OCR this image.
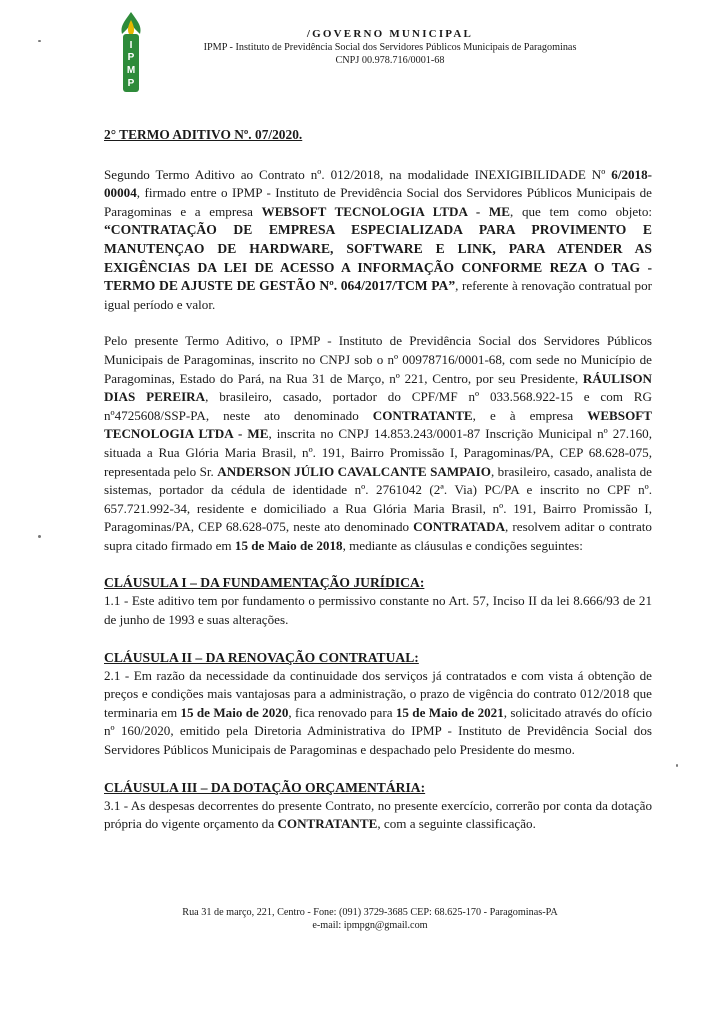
I
P
M
P
/GOVERNO MUNICIPAL
IPMP - Instituto de Previdência Social dos Servidores Públicos Municipais de Paragominas
CNPJ 00.978.716/0001-68
2° TERMO ADITIVO Nº. 07/2020.

Segundo Termo Aditivo ao Contrato nº. 012/2018, na modalidade INEXIGIBILIDADE Nº 6/2018-00004, firmado entre o IPMP - Instituto de Previdência Social dos Servidores Públicos Municipais de Paragominas e a empresa WEBSOFT TECNOLOGIA LTDA - ME, que tem como objeto: “CONTRATAÇÃO DE EMPRESA ESPECIALIZADA PARA PROVIMENTO E MANUTENÇAO DE HARDWARE, SOFTWARE E LINK, PARA ATENDER AS EXIGÊNCIAS DA LEI DE ACESSO A INFORMAÇÃO CONFORME REZA O TAG - TERMO DE AJUSTE DE GESTÃO Nº. 064/2017/TCM PA”, referente à renovação contratual por igual período e valor.

Pelo presente Termo Aditivo, o IPMP - Instituto de Previdência Social dos Servidores Públicos Municipais de Paragominas, inscrito no CNPJ sob o nº 00978716/0001-68, com sede no Município de Paragominas, Estado do Pará, na Rua 31 de Março, nº 221, Centro, por seu Presidente, RÁULISON DIAS PEREIRA, brasileiro, casado, portador do CPF/MF nº 033.568.922-15 e com RG nº4725608/SSP-PA, neste ato denominado CONTRATANTE, e à empresa WEBSOFT TECNOLOGIA LTDA - ME, inscrita no CNPJ 14.853.243/0001-87 Inscrição Municipal nº 27.160, situada a Rua Glória Maria Brasil, nº. 191, Bairro Promissão I, Paragominas/PA, CEP 68.628-075, representada pelo Sr. ANDERSON JÚLIO CAVALCANTE SAMPAIO, brasileiro, casado, analista de sistemas, portador da cédula de identidade nº. 2761042 (2ª. Via) PC/PA e inscrito no CPF nº. 657.721.992-34, residente e domiciliado a Rua Glória Maria Brasil, nº. 191, Bairro Promissão I, Paragominas/PA, CEP 68.628-075, neste ato denominado CONTRATADA, resolvem aditar o contrato supra citado firmado em 15 de Maio de 2018, mediante as cláusulas e condições seguintes:

CLÁUSULA I – DA FUNDAMENTAÇÃO JURÍDICA:

1.1 - Este aditivo tem por fundamento o permissivo constante no Art. 57, Inciso II da lei 8.666/93 de 21 de junho de 1993 e suas alterações.

CLÁUSULA II – DA RENOVAÇÃO CONTRATUAL:

2.1 - Em razão da necessidade da continuidade dos serviços já contratados e com vista á obtenção de preços e condições mais vantajosas para a administração, o prazo de vigência do contrato 012/2018 que terminaria em 15 de Maio de 2020, fica renovado para 15 de Maio de 2021, solicitado através do ofício nº 160/2020, emitido pela Diretoria Administrativa do IPMP - Instituto de Previdência Social dos Servidores Públicos Municipais de Paragominas e despachado pelo Presidente do mesmo.

CLÁUSULA III – DA DOTAÇÃO ORÇAMENTÁRIA:

3.1 - As despesas decorrentes do presente Contrato, no presente exercício, correrão por conta da dotação própria do vigente orçamento da CONTRATANTE, com a seguinte classificação.

Rua 31 de março, 221, Centro - Fone: (091) 3729-3685 CEP: 68.625-170 - Paragominas-PA
e-mail: ipmpgn@gmail.com
